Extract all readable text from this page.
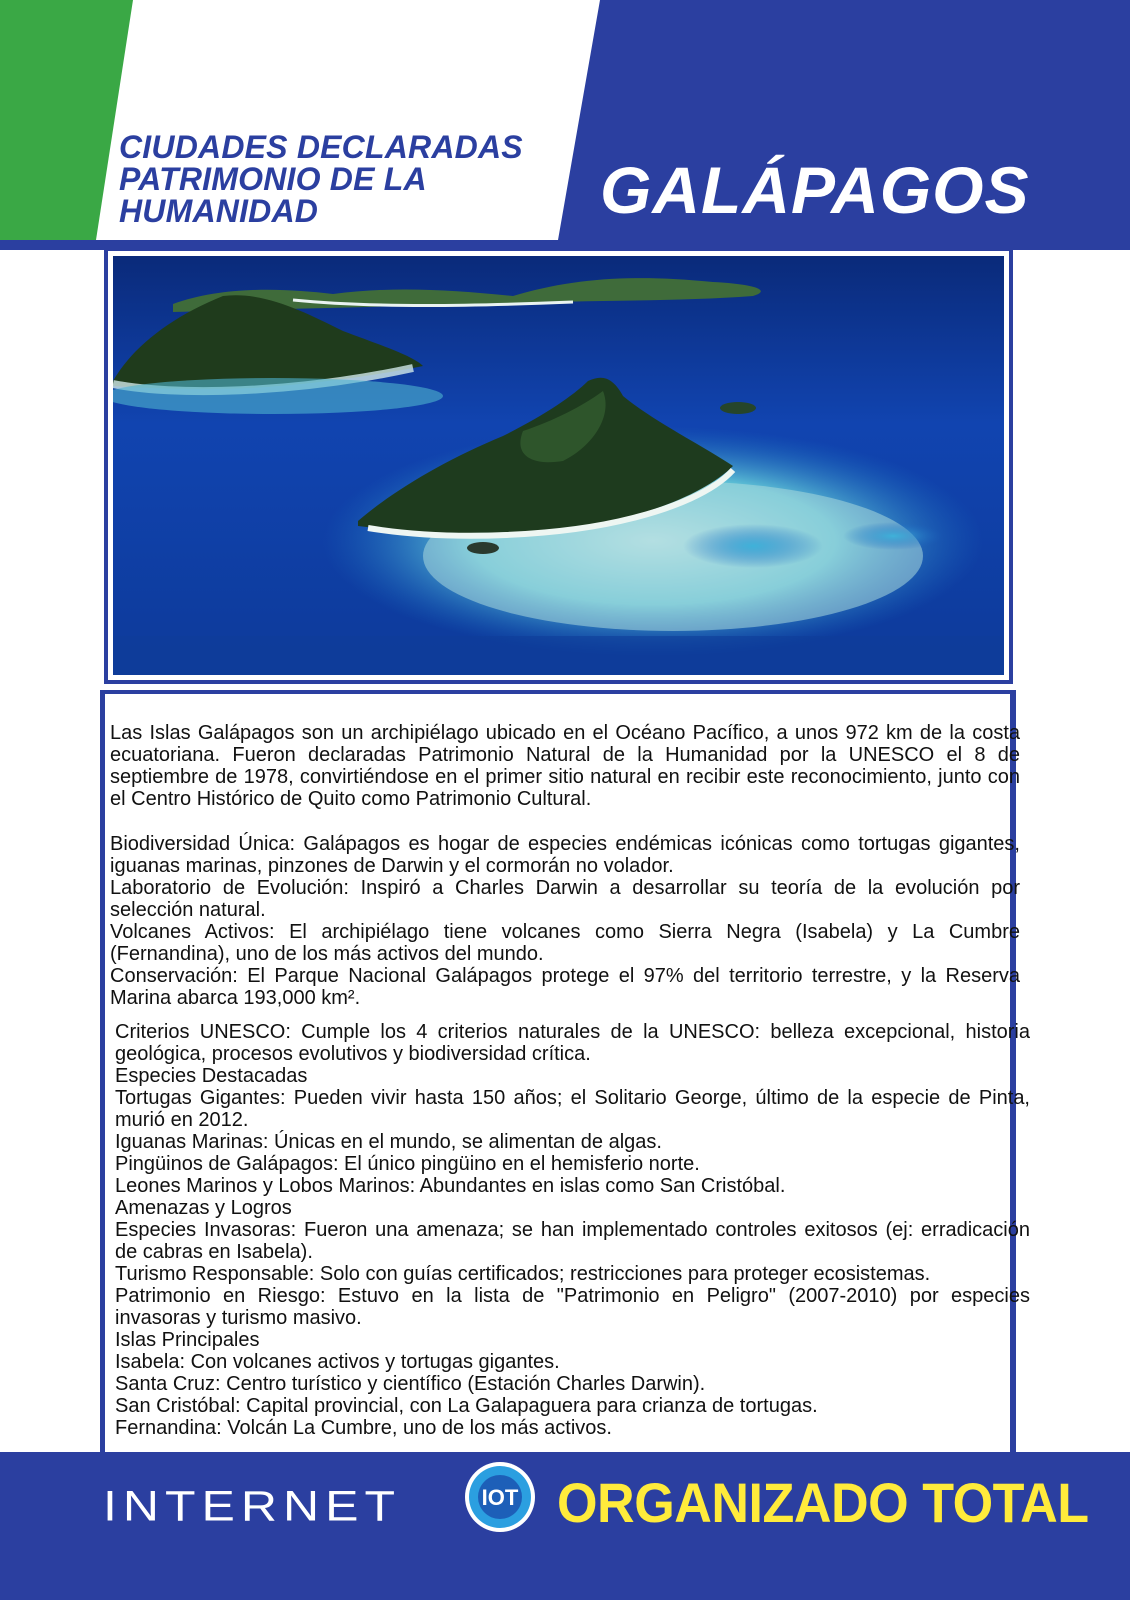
CIUDADES DECLARADAS
PATRIMONIO DE LA
HUMANIDAD	GALÁPAGOS

Las Islas Galápagos son un archipiélago ubicado en el Océano Pacífico, a unos 972 km de la costa ecuatoriana. Fueron declaradas Patrimonio Natural de la Humanidad por la UNESCO el 8 de septiembre de 1978, convirtiéndose en el primer sitio natural en recibir este reconocimiento, junto con el Centro Histórico de Quito como Patrimonio Cultural.

Biodiversidad Única: Galápagos es hogar de especies endémicas icónicas como tortugas gigantes, iguanas marinas, pinzones de Darwin y el cormorán no volador.

Laboratorio de Evolución: Inspiró a Charles Darwin a desarrollar su teoría de la evolución por selección natural.

Volcanes Activos: El archipiélago tiene volcanes como Sierra Negra (Isabela) y La Cumbre (Fernandina), uno de los más activos del mundo.

Conservación: El Parque Nacional Galápagos protege el 97% del territorio terrestre, y la Reserva Marina abarca 193,000 km².

Criterios UNESCO: Cumple los 4 criterios naturales de la UNESCO: belleza excepcional, historia geológica, procesos evolutivos y biodiversidad crítica.

Especies Destacadas

Tortugas Gigantes: Pueden vivir hasta 150 años; el Solitario George, último de la especie de Pinta, murió en 2012.

Iguanas Marinas: Únicas en el mundo, se alimentan de algas.

Pingüinos de Galápagos: El único pingüino en el hemisferio norte.

Leones Marinos y Lobos Marinos: Abundantes en islas como San Cristóbal.

Amenazas y Logros

Especies Invasoras: Fueron una amenaza; se han implementado controles exitosos (ej: erradicación de cabras en Isabela).

Turismo Responsable: Solo con guías certificados; restricciones para proteger ecosistemas.

Patrimonio en Riesgo: Estuvo en la lista de "Patrimonio en Peligro" (2007-2010) por especies invasoras y turismo masivo.

Islas Principales

Isabela: Con volcanes activos y tortugas gigantes.

Santa Cruz: Centro turístico y científico (Estación Charles Darwin).

San Cristóbal: Capital provincial, con La Galapaguera para crianza de tortugas.

Fernandina: Volcán La Cumbre, uno de los más activos.

INTERNET	ORGANIZADO TOTAL

IOT
